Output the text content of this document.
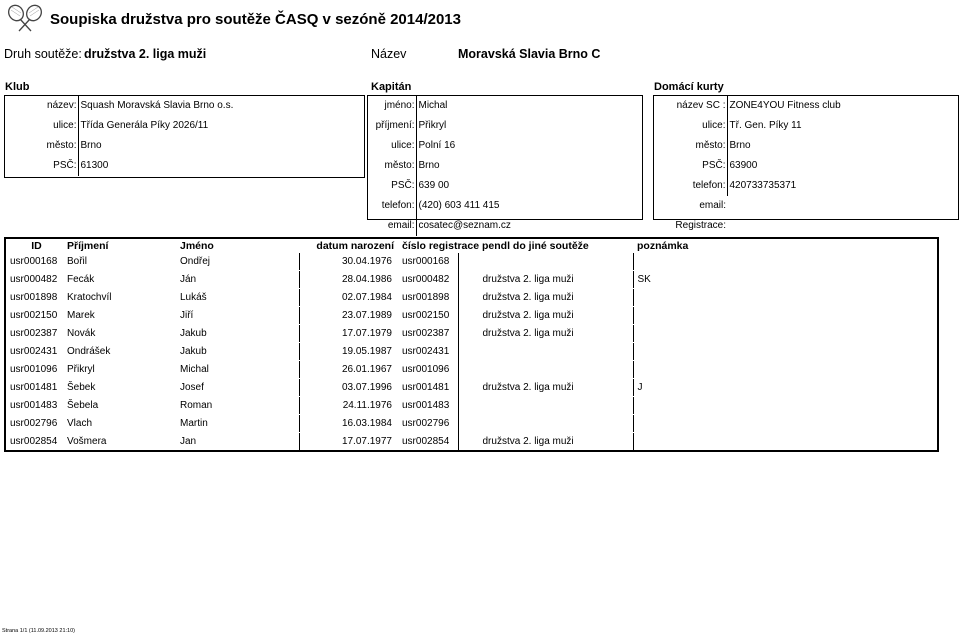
Soupiska družstva pro soutěže ČASQ v sezóně 2014/2013
Druh soutěže: družstva 2. liga muži	Název	Moravská Slavia Brno C
Klub	Kapitán	Domácí kurty
název:	Squash Moravská Slavia Brno o.s.
ulice:	Třída Generála Píky 2026/11
město:	Brno
PSČ:	61300
jméno:	Michal
příjmení:	Přikryl
ulice:	Polní 16
město:	Brno
PSČ:	639 00
telefon:	(420) 603 411 415
email:	cosatec@seznam.cz
název SC :	ZONE4YOU Fitness club
ulice:	Tř. Gen. Píky 11
město:	Brno
PSČ:	63900
telefon:	420733735371
email:	
Registrace:	
ID	Příjmení	Jméno	datum narození	číslo registrace	pendl do jiné soutěže	poznámka
usr000168	Bořil	Ondřej	30.04.1976	usr000168		
usr000482	Fecák	Ján	28.04.1986	usr000482	družstva 2. liga muži	SK
usr001898	Kratochvíl	Lukáš	02.07.1984	usr001898	družstva 2. liga muži	
usr002150	Marek	Jiří	23.07.1989	usr002150	družstva 2. liga muži	
usr002387	Novák	Jakub	17.07.1979	usr002387	družstva 2. liga muži	
usr002431	Ondrášek	Jakub	19.05.1987	usr002431		
usr001096	Přikryl	Michal	26.01.1967	usr001096		
usr001481	Šebek	Josef	03.07.1996	usr001481	družstva 2. liga muži	J
usr001483	Šebela	Roman	24.11.1976	usr001483		
usr002796	Vlach	Martin	16.03.1984	usr002796		
usr002854	Vošmera	Jan	17.07.1977	usr002854	družstva 2. liga muži	
Strana 1/1 (11.09.2013 21:10)
